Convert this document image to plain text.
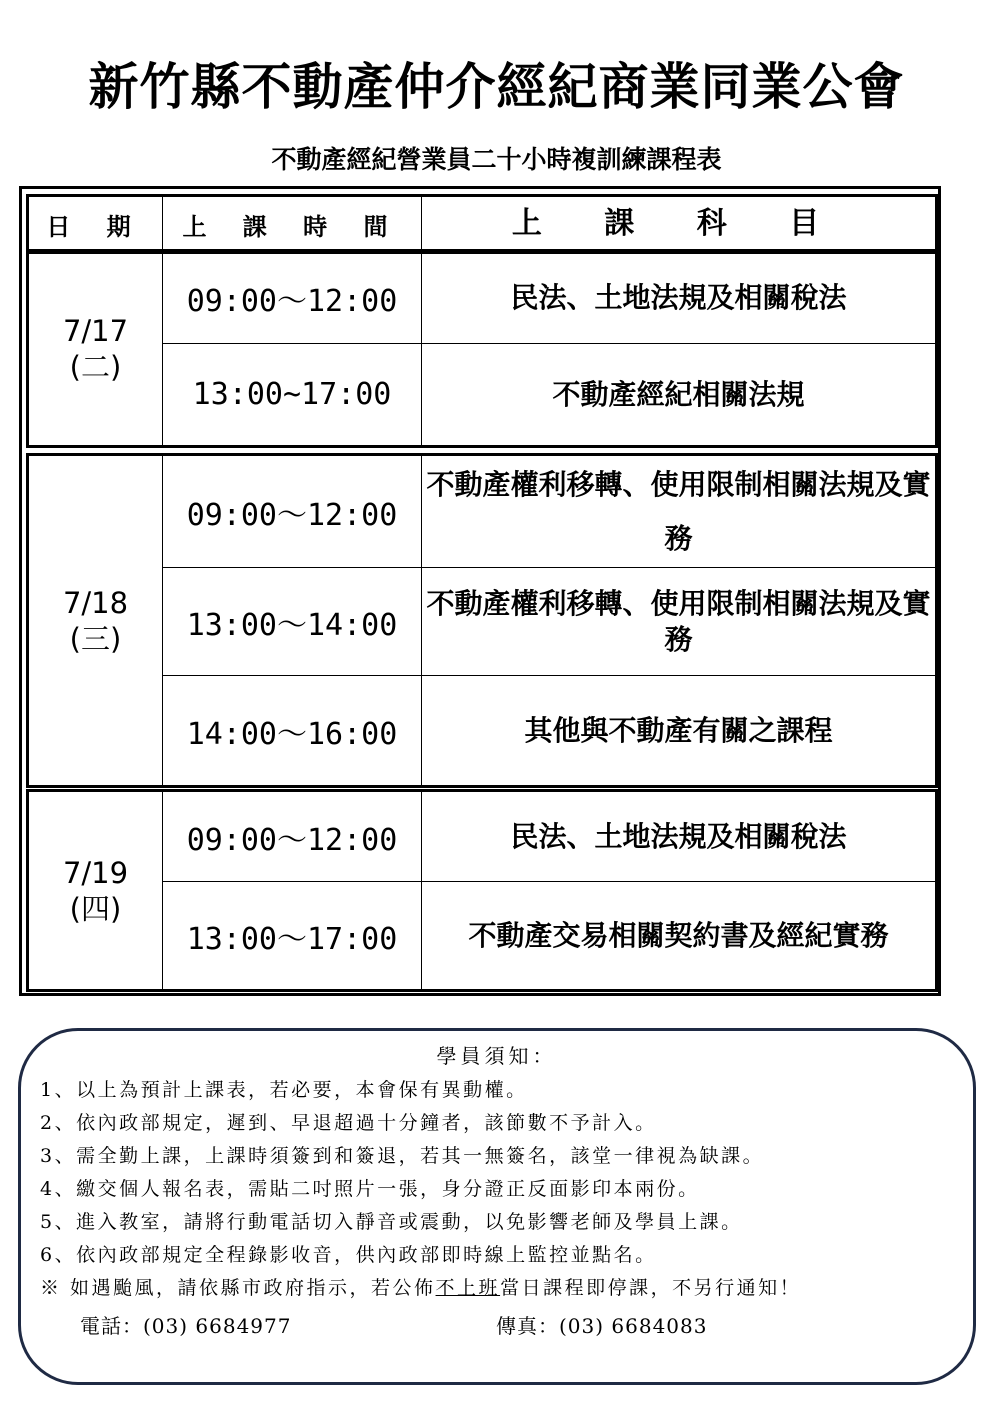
新竹縣不動產仲介經紀商業同業公會
不動產經紀營業員二十小時複訓練課程表
日 期	上 課 時 間	上 課 科 目
7/17
(二)	09:00～12:00	民法、土地法規及相關稅法
	13:00~17:00	不動產經紀相關法規
7/18
(三)	09:00～12:00	不動產權利移轉、使用限制相關法規及實務
	13:00～14:00	不動產權利移轉、使用限制相關法規及實務
	14:00～16:00	其他與不動產有關之課程
7/19
(四)	09:00～12:00	民法、土地法規及相關稅法
	13:00～17:00	不動產交易相關契約書及經紀實務
學員須知：
1、以上為預計上課表，若必要，本會保有異動權。
2、依內政部規定，遲到、早退超過十分鐘者，該節數不予計入。
3、需全勤上課，上課時須簽到和簽退，若其一無簽名，該堂一律視為缺課。
4、繳交個人報名表，需貼二吋照片一張，身分證正反面影印本兩份。
5、進入教室，請將行動電話切入靜音或震動，以免影響老師及學員上課。
6、依內政部規定全程錄影收音，供內政部即時線上監控並點名。
※ 如遇颱風，請依縣市政府指示，若公佈不上班當日課程即停課，不另行通知！
電話：(03) 6684977	傳真：(03) 6684083
